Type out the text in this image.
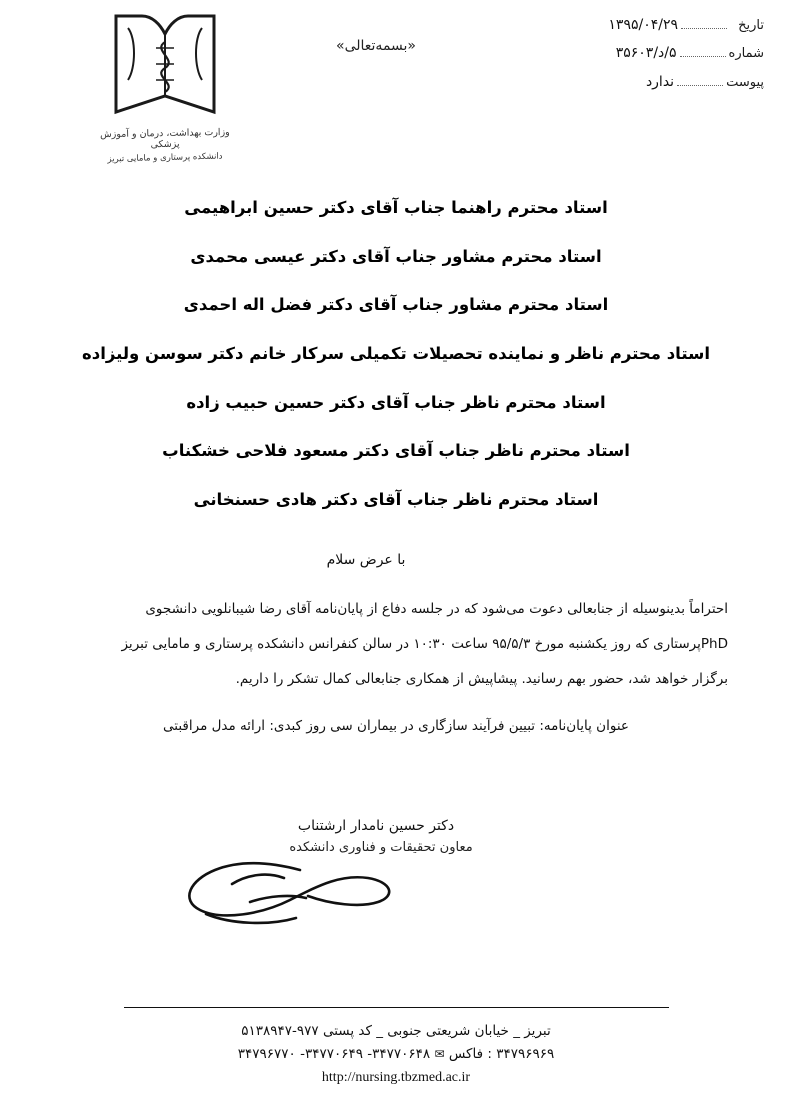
تاریخ
۱۳۹۵/۰۴/۲۹
شماره
۵/د/۳۵۶۰۳
پیوست
ندارد
«بسمه‌تعالی»
وزارت بهداشت، درمان و آموزش پزشکی
دانشکده پرستاری و مامایی تبریز
استاد محترم راهنما جناب آقای دکتر حسین ابراهیمی
استاد محترم مشاور جناب آقای دکتر عیسی محمدی
استاد محترم مشاور جناب آقای دکتر فضل اله احمدی
استاد محترم ناظر و نماینده تحصیلات تکمیلی سرکار خانم دکتر سوسن ولیزاده
استاد محترم ناظر جناب آقای دکتر حسین حبیب زاده
استاد محترم ناظر جناب آقای دکتر مسعود فلاحی خشکناب
استاد محترم ناظر جناب آقای دکتر هادی حسنخانی
با عرض سلام
احتراماً بدینوسیله از جنابعالی دعوت می‌شود که در جلسه دفاع از پایان‌نامه آقای رضا شیبانلویی دانشجوی
PhDپرستاری که روز یکشنبه مورخ ۹۵/۵/۳ ساعت ۱۰:۳۰ در سالن کنفرانس دانشکده پرستاری و مامایی تبریز
برگزار خواهد شد، حضور بهم رسانید. پیشاپیش از همکاری جنابعالی کمال تشکر را داریم.
عنوان پایان‌نامه: تبیین فرآیند سازگاری در بیماران سی روز کبدی: ارائه مدل مراقبتی
دکتر حسین نامدار ارشتناب
معاون تحقیقات و فناوری دانشکده
تبریز _ خیابان شریعتی جنوبی _ کد پستی ۹۷۷-۵۱۳۸۹۴۷
۳۴۷۹۶۹۶۹ : فاکس ✉ ۳۴۷۷۰۶۴۸- ۳۴۷۷۰۶۴۹- ۳۴۷۹۶۷۷۰
http://nursing.tbzmed.ac.ir
